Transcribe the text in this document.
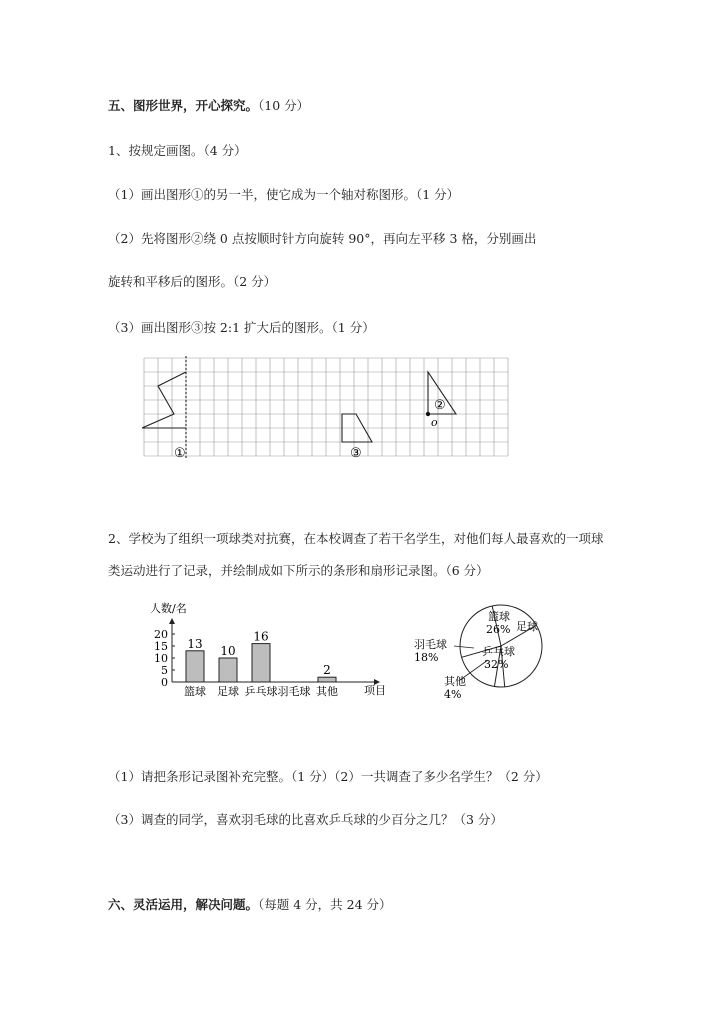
五、图形世界，开心探究。（10 分）
1、按规定画图。（4 分）
（1）画出图形①的另一半，使它成为一个轴对称图形。（1 分）
（2）先将图形②绕 0 点按顺时针方向旋转 90°，再向左平移 3 格，分别画出
旋转和平移后的图形。（2 分）
（3）画出图形③按 2:1 扩大后的图形。（1 分）
o
②
①	③
2、学校为了组织一项球类对抗赛，在本校调查了若干名学生，对他们每人最喜欢的一项球
类运动进行了记录，并绘制成如下所示的条形和扇形记录图。（6 分）
人数/名
0
5
10
15
20
篮球
13
足球
10
乒乓球
16
羽毛球 其他
2
项目
篮球
26% 足球
乒乓球
32%
羽毛球
18%
其他
4%
（1）请把条形记录图补充完整。（1 分）（2）一共调查了多少名学生？（2 分）
（3）调查的同学，喜欢羽毛球的比喜欢乒乓球的少百分之几？（3 分）
六、灵活运用，解决问题。（每题 4 分，共 24 分）
